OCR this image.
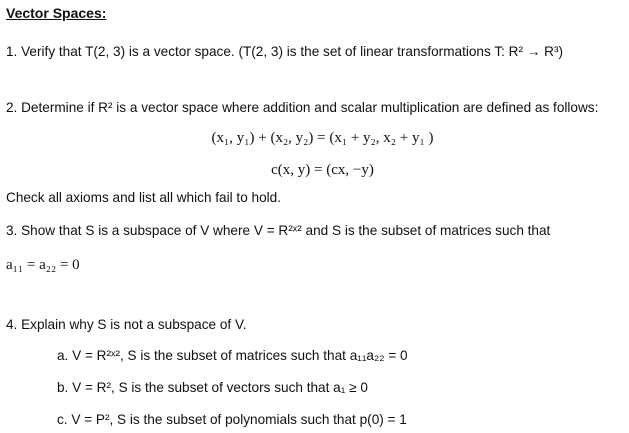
Vector Spaces:
1. Verify that T(2, 3) is a vector space. (T(2, 3) is the set of linear transformations T: R² → R³)
2. Determine if R² is a vector space where addition and scalar multiplication are defined as follows:
(x₁, y₁) + (x₂, y₂) = (x₁ + y₂, x₂ + y₁ )
c(x, y) = (cx, −y)
Check all axioms and list all which fail to hold.
3. Show that S is a subspace of V where V = R²ˣ² and S is the subset of matrices such that
a₁₁ = a₂₂ = 0
4. Explain why S is not a subspace of V.
a. V = R²ˣ², S is the subset of matrices such that a₁₁a₂₂ = 0
b. V = R², S is the subset of vectors such that a₁ ≥ 0
c. V = P², S is the subset of polynomials such that p(0) = 1
